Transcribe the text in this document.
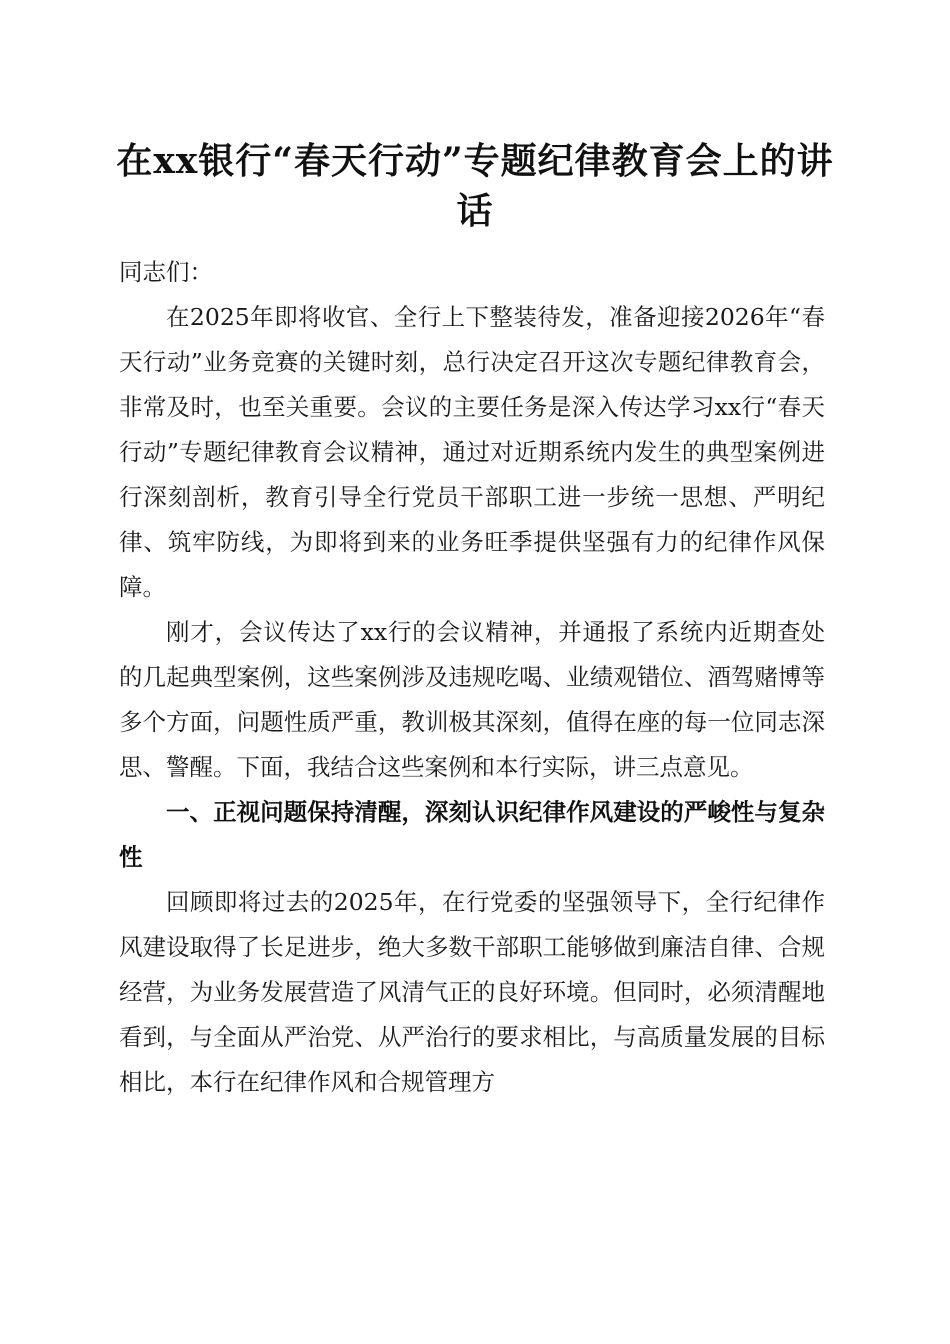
在xx银行“春天行动”专题纪律教育会上的讲话

同志们：

在2025年即将收官、全行上下整装待发，准备迎接2026年“春天行动”业务竞赛的关键时刻，总行决定召开这次专题纪律教育会，非常及时，也至关重要。会议的主要任务是深入传达学习xx行“春天行动”专题纪律教育会议精神，通过对近期系统内发生的典型案例进行深刻剖析，教育引导全行党员干部职工进一步统一思想、严明纪律、筑牢防线，为即将到来的业务旺季提供坚强有力的纪律作风保障。

刚才，会议传达了xx行的会议精神，并通报了系统内近期查处的几起典型案例，这些案例涉及违规吃喝、业绩观错位、酒驾赌博等多个方面，问题性质严重，教训极其深刻，值得在座的每一位同志深思、警醒。下面，我结合这些案例和本行实际，讲三点意见。

一、正视问题保持清醒，深刻认识纪律作风建设的严峻性与复杂性

回顾即将过去的2025年，在行党委的坚强领导下，全行纪律作风建设取得了长足进步，绝大多数干部职工能够做到廉洁自律、合规经营，为业务发展营造了风清气正的良好环境。但同时，必须清醒地看到，与全面从严治党、从严治行的要求相比，与高质量发展的目标相比，本行在纪律作风和合规管理方
